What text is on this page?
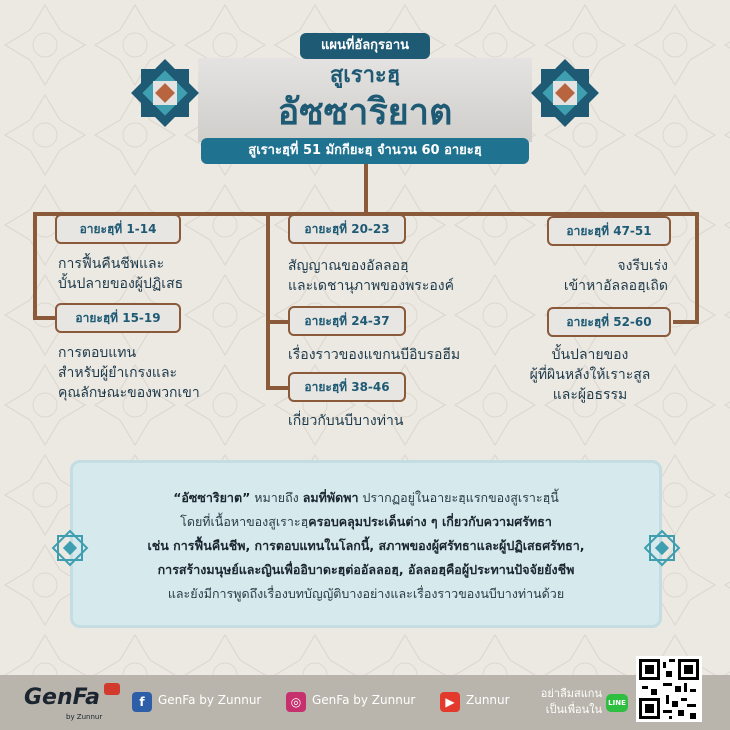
สูเราะฮฺ
อัซซาริยาต
แผนที่อัลกุรอาน
สูเราะฮฺที่ 51 มักกียะฮฺ จำนวน 60 อายะฮฺ
อายะฮฺที่ 1-14
การฟื้นคืนชีพและ
บั้นปลายของผู้ปฏิเสธ
อายะฮฺที่ 15-19
การตอบแทน
สำหรับผู้ยำเกรงและ
คุณลักษณะของพวกเขา
อายะฮฺที่ 20-23
สัญญาณของอัลลอฮฺ
และเดชานุภาพของพระองค์
อายะฮฺที่ 24-37
เรื่องราวของแขกนบีอิบรอฮีม
อายะฮฺที่ 38-46
เกี่ยวกับนบีบางท่าน
อายะฮฺที่ 47-51
จงรีบเร่ง
เข้าหาอัลลอฮฺเถิด
อายะฮฺที่ 52-60
บั้นปลายของ
ผู้ที่ผินหลังให้เราะสูล
และผู้อธรรม
“อัซซาริยาต” หมายถึง ลมที่พัดพา ปรากฏอยู่ในอายะฮฺแรกของสูเราะฮฺนี้
โดยที่เนื้อหาของสูเราะฮฺครอบคลุมประเด็นต่าง ๆ เกี่ยวกับความศรัทธา
เช่น การฟื้นคืนชีพ, การตอบแทนในโลกนี้, สภาพของผู้ศรัทธาและผู้ปฏิเสธศรัทธา,
การสร้างมนุษย์และญินเพื่ออิบาดะฮฺต่ออัลลอฮฺ, อัลลอฮฺคือผู้ประทานปัจจัยยังชีพ
และยังมีการพูดถึงเรื่องบทบัญญัติบางอย่างและเรื่องราวของนบีบางท่านด้วย
GenFa
by Zunnur
f	GenFa by Zunnur	◎ GenFa by Zunnur	▶ Zunnur	อย่าลืมสแกน
เป็นเพื่อนใน LINE
